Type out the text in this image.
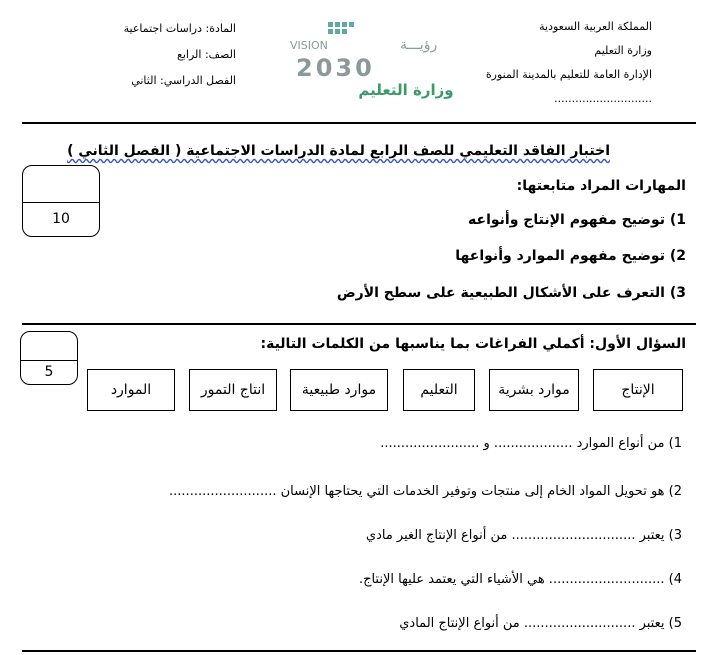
المملكة العربية السعودية
وزارة التعليم
الإدارة العامة للتعليم بالمدينة المنورة
............................
المادة: دراسات اجتماعية
الصف: الرابع
الفصل الدراسي: الثاني
VISION	رؤيـــة
2030
وزارة التعليم
اختبار الفاقد التعليمي للصف الرابع لمادة الدراسات الاجتماعية ( الفصل الثاني )
10
المهارات المراد متابعتها:
1) توضيح مفهوم الإنتاج وأنواعه
2) توضيح مفهوم الموارد وأنواعها
3) التعرف على الأشكال الطبيعية على سطح الأرض
5
السؤال الأول: أكملي الفراغات بما يناسبها من الكلمات التالية:
الإنتاج
موارد بشرية
التعليم
موارد طبيعية
انتاج التمور
الموارد
1) من أنواع الموارد ................... و ........................
2) هو تحويل المواد الخام إلى منتجات وتوفير الخدمات التي يحتاجها الإنسان ..........................
3) يعتبر .............................. من أنواع الإنتاج الغير مادي
4) ............................ هي الأشياء التي يعتمد عليها الإنتاج.
5) يعتبر ........................... من أنواع الإنتاج المادي
